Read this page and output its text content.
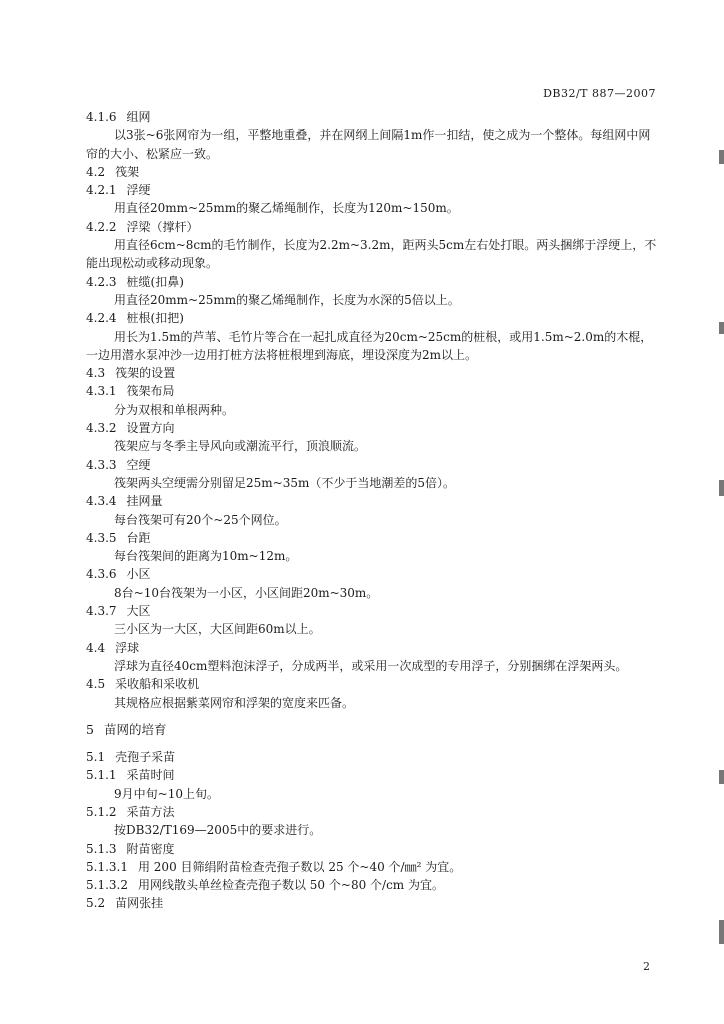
DB32/T 887—2007
4.1.6 组网
以3张~6张网帘为一组，平整地重叠，并在网纲上间隔1m作一扣结，使之成为一个整体。每组网中网帘的大小、松紧应一致。
4.2 筏架
4.2.1 浮绠
用直径20mm~25mm的聚乙烯绳制作，长度为120m~150m。
4.2.2 浮梁（撑杆）
用直径6cm~8cm的毛竹制作，长度为2.2m~3.2m，距两头5cm左右处打眼。两头捆绑于浮绠上，不能出现松动或移动现象。
4.2.3 桩缆(扣鼻)
用直径20mm~25mm的聚乙烯绳制作，长度为水深的5倍以上。
4.2.4 桩根(扣把)
用长为1.5m的芦苇、毛竹片等合在一起扎成直径为20cm~25cm的桩根，或用1.5m~2.0m的木棍，一边用潜水泵冲沙一边用打桩方法将桩根埋到海底，埋设深度为2m以上。
4.3 筏架的设置
4.3.1 筏架布局
分为双根和单根两种。
4.3.2 设置方向
筏架应与冬季主导风向或潮流平行，顶浪顺流。
4.3.3 空绠
筏架两头空绠需分别留足25m~35m（不少于当地潮差的5倍）。
4.3.4 挂网量
每台筏架可有20个~25个网位。
4.3.5 台距
每台筏架间的距离为10m~12m。
4.3.6 小区
8台~10台筏架为一小区，小区间距20m~30m。
4.3.7 大区
三小区为一大区，大区间距60m以上。
4.4 浮球
浮球为直径40cm塑料泡沫浮子，分成两半，或采用一次成型的专用浮子，分别捆绑在浮架两头。
4.5 采收船和采收机
其规格应根据紫菜网帘和浮架的宽度来匹备。
5 苗网的培育
5.1 壳孢子采苗
5.1.1 采苗时间
9月中旬~10上旬。
5.1.2 采苗方法
按DB32/T169—2005中的要求进行。
5.1.3 附苗密度
5.1.3.1 用 200 目筛绢附苗检查壳孢子数以 25 个~40 个/㎜² 为宜。
5.1.3.2 用网线散头单丝检查壳孢子数以 50 个~80 个/cm 为宜。
5.2 苗网张挂
2
